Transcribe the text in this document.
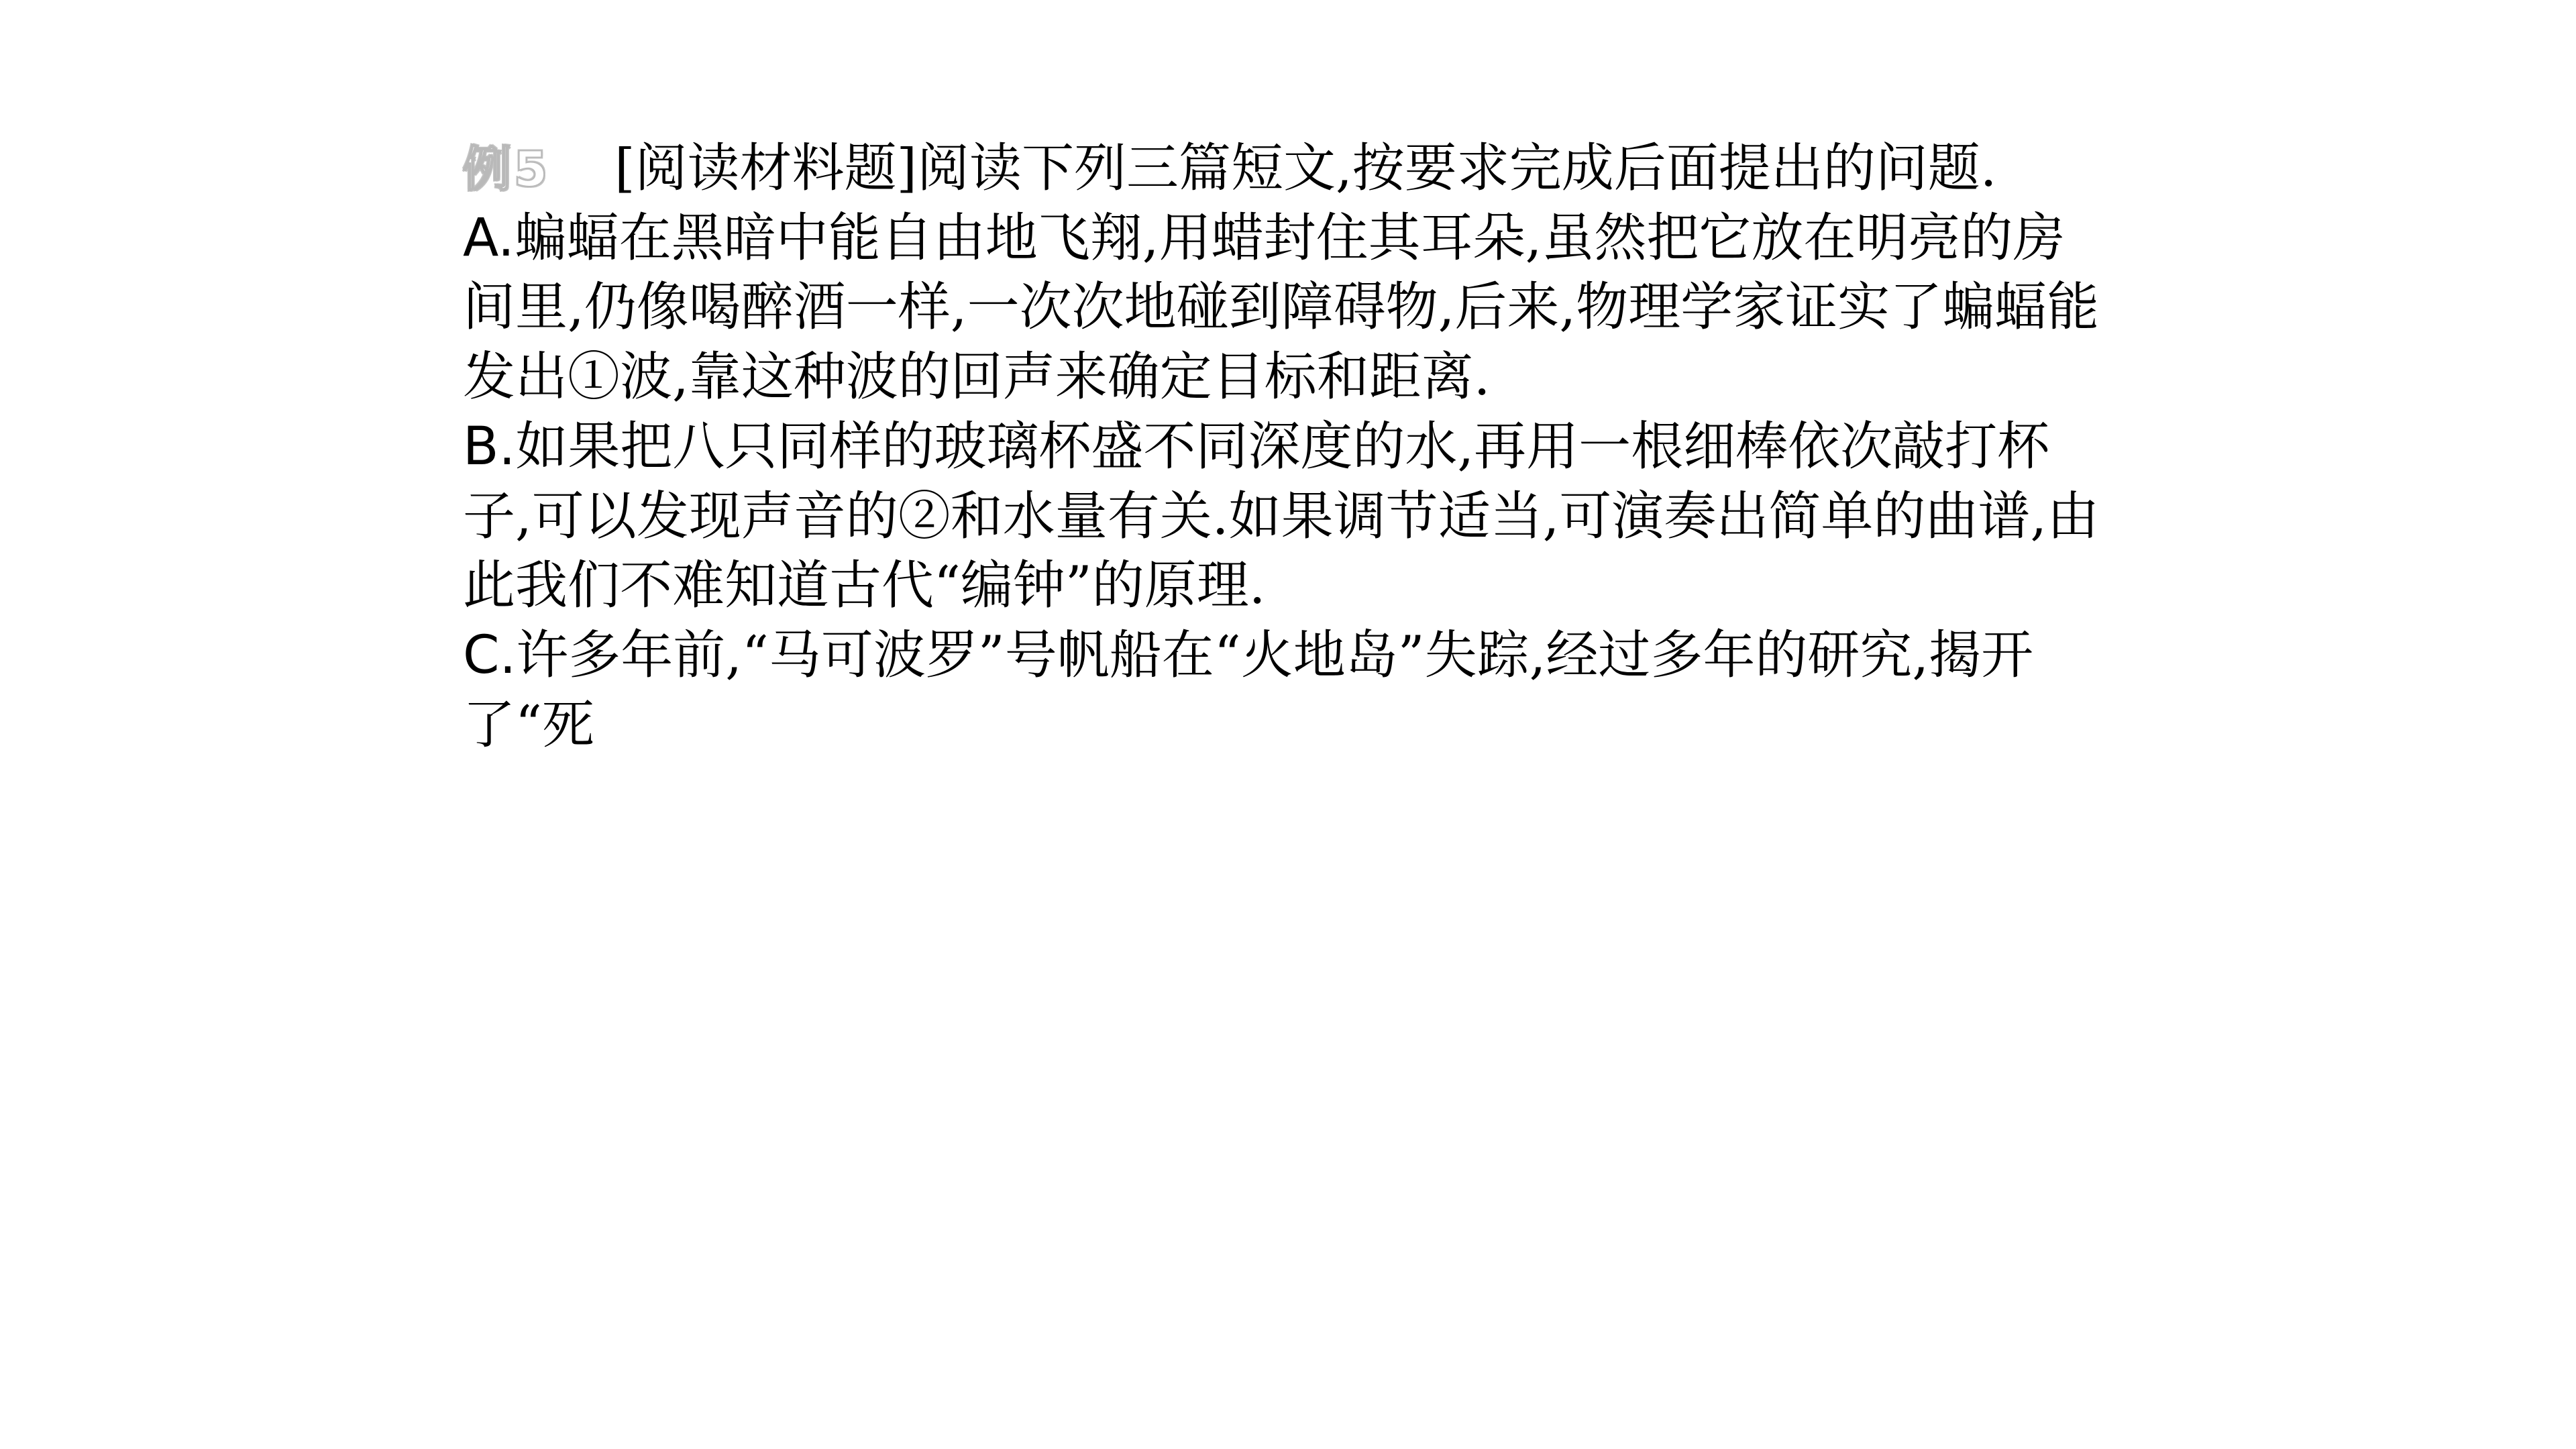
例5 [阅读材料题]阅读下列三篇短文,按要求完成后面提出的问题.
A.蝙蝠在黑暗中能自由地飞翔,用蜡封住其耳朵,虽然把它放在明亮的房间里,仍像喝醉酒一样,一次次地碰到障碍物,后来,物理学家证实了蝙蝠能发出①波,靠这种波的回声来确定目标和距离.
B.如果把八只同样的玻璃杯盛不同深度的水,再用一根细棒依次敲打杯子,可以发现声音的②和水量有关.如果调节适当,可演奏出简单的曲谱,由此我们不难知道古代“编钟”的原理.
C.许多年前,“马可波罗”号帆船在“火地岛”失踪,经过多年的研究,揭开了“死
